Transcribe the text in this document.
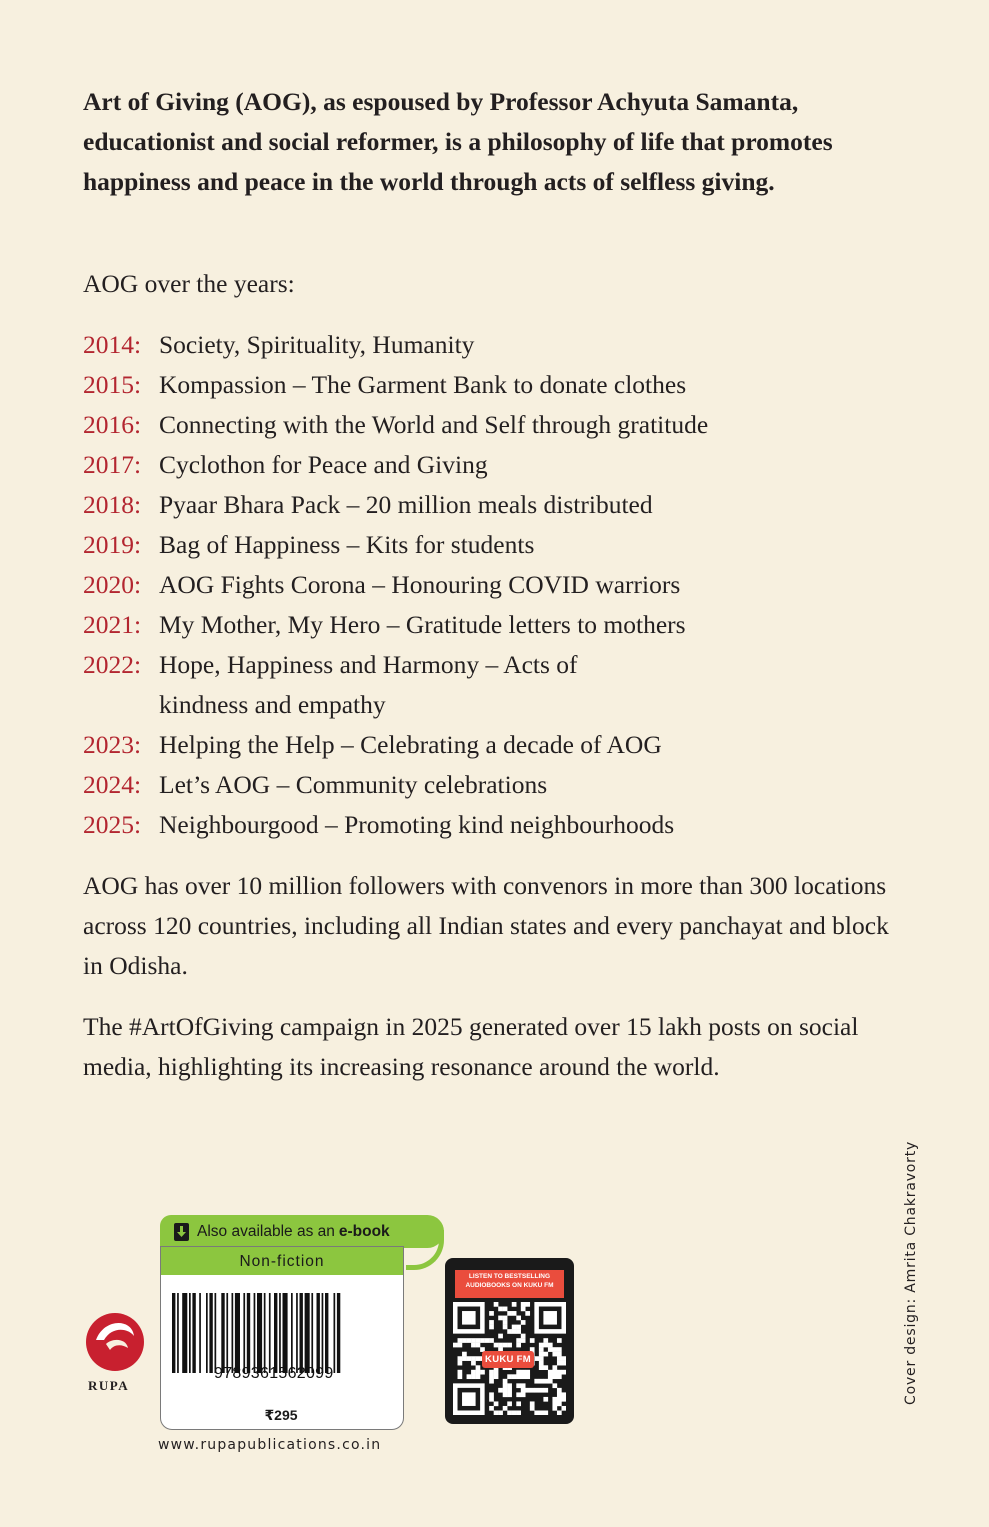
Art of Giving (AOG), as espoused by Professor Achyuta Samanta, educationist and social reformer, is a philosophy of life that promotes happiness and peace in the world through acts of selfless giving.

AOG over the years:

2014: Society, Spirituality, Humanity
2015: Kompassion – The Garment Bank to donate clothes
2016: Connecting with the World and Self through gratitude
2017: Cyclothon for Peace and Giving
2018: Pyaar Bhara Pack – 20 million meals distributed
2019: Bag of Happiness – Kits for students
2020: AOG Fights Corona – Honouring COVID warriors
2021: My Mother, My Hero – Gratitude letters to mothers
2022: Hope, Happiness and Harmony – Acts of kindness and empathy
2023: Helping the Help – Celebrating a decade of AOG
2024: Let’s AOG – Community celebrations
2025: Neighbourgood – Promoting kind neighbourhoods

AOG has over 10 million followers with convenors in more than 300 locations across 120 countries, including all Indian states and every panchayat and block in Odisha.

The #ArtOfGiving campaign in 2025 generated over 15 lakh posts on social media, highlighting its increasing resonance around the world.

Cover design: Amrita Chakravorty
Also available as an e-book
Non-fiction
9789361562099
₹295
www.rupapublications.co.in
RUPA
LISTEN TO BESTSELLING AUDIOBOOKS ON KUKU FM
KUKU FM
